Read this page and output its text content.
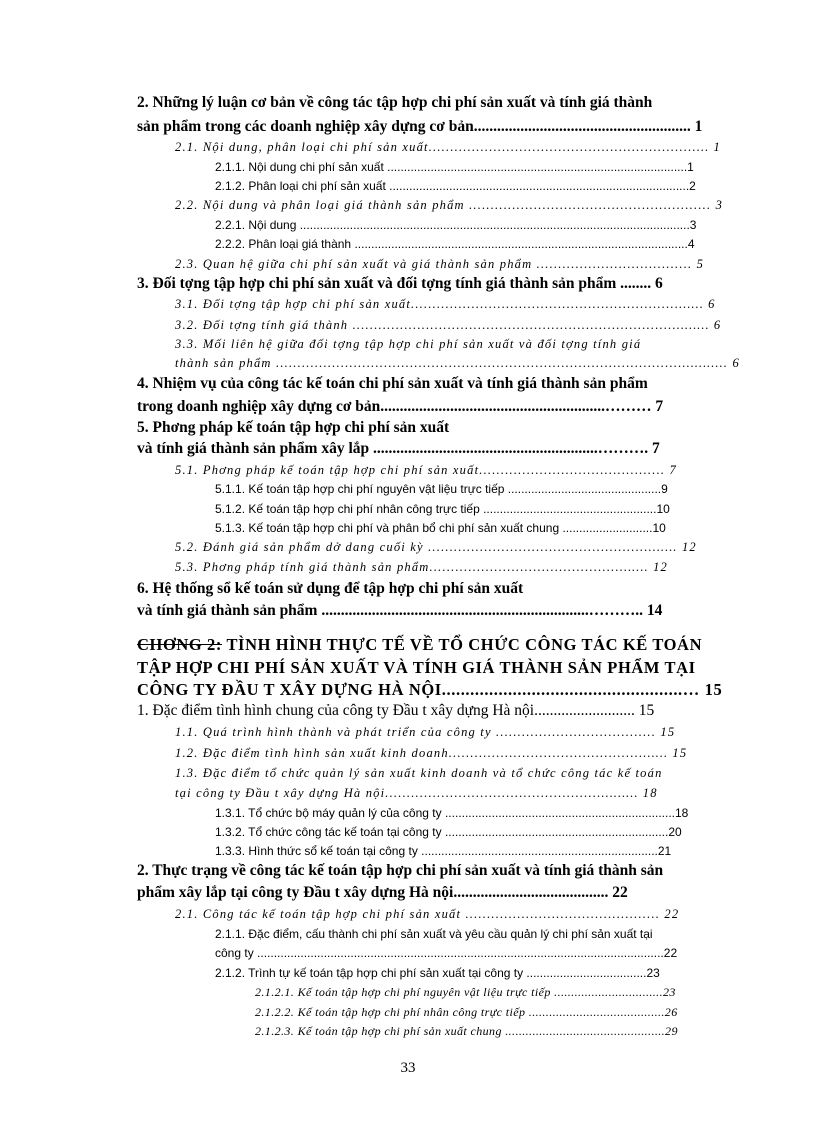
2. Những lý luận cơ bản về công tác tập hợp chi phí sản xuất và tính giá thành
sản phẩm trong các doanh nghiệp xây dựng cơ bản........................................................ 1
2.1. Nội dung, phân loại chi phí sản xuất..............................................................… 1
2.1.1. Nội dung chi phí sản xuất ..........................................................................................1
2.1.2. Phân loại chi phí sản xuất ..........................................................................................2
2.2. Nội dung và phân loại giá thành sản phẩm ........................................................ 3
2.2.1. Nội dung .....................................................................................................................3
2.2.2. Phân loại giá thành ....................................................................................................4
2.3. Quan hệ giữa chi phí sản xuất và giá thành sản phẩm .................................... 5
3. Đối tợng tập hợp chi phí sản xuất và đối tợng tính giá thành sản phẩm ........ 6
3.1. Đối tợng tập hợp chi phí sản xuất..............................................................…… 6
3.2. Đối tợng tính giá thành ..........................................................................……… 6
3.3. Mối liên hệ giữa đối tợng tập hợp chi phí sản xuất và đối tợng tính giá
thành sản phẩm ..............................................................................................……….. 6
4. Nhiệm vụ của công tác kế toán chi phí sản xuất và tính giá thành sản phẩm
trong doanh nghiệp xây dựng cơ bản..........................................................……… 7
5. Phơng pháp kế toán tập hợp chi phí sản xuất
và tính giá thành sản phẩm xây lắp ..........................................................………. 7
5.1. Phơng pháp kế toán tập hợp chi phí sản xuất........................................... 7
5.1.1. Kế toán tập hợp chi phí nguyên vật liệu trực tiếp ..............................................9
5.1.2. Kế toán tập hợp chi phí nhân công trực tiếp ....................................................10
5.1.3. Kế toán tập hợp chi phí và phân bổ chi phí sản xuất chung ...........................10
5.2. Đánh giá sản phẩm dở dang cuối kỳ ...................................................……. 12
5.3. Phơng pháp tính giá thành sản phẩm............................................……. 12
6. Hệ thống sổ kế toán sử dụng để tập hợp chi phí sản xuất
và tính giá thành sản phẩm .....................................................................……….. 14
CHƠNG 2: TÌNH HÌNH THỰC TẾ VỀ TỔ CHỨC CÔNG TÁC KẾ TOÁN
TẬP HỢP CHI PHÍ SẢN XUẤT VÀ TÍNH GIÁ THÀNH SẢN PHẨM TẠI
CÔNG TY ĐẦU T XÂY DỰNG HÀ NỘI...................................................… 15
1. Đặc điểm tình hình chung của công ty Đầu t xây dựng Hà nội.......................... 15
1.1. Quá trình hình thành và phát triển của công ty ..................................... 15
1.2. Đặc điểm tình hình sản xuất kinh doanh.............................................…… 15
1.3. Đặc điểm tổ chức quản lý sản xuất kinh doanh và tổ chức công tác kế toán
tại công ty Đầu t xây dựng Hà nội..................................................……… 18
1.3.1. Tổ chức bộ máy quản lý của công ty .....................................................................18
1.3.2. Tổ chức công tác kế toán tại công ty ...................................................................20
1.3.3. Hình thức sổ kế toán tại công ty .......................................................................21
2. Thực trạng về công tác kế toán tập hợp chi phí sản xuất và tính giá thành sản
phẩm xây lắp tại công ty Đầu t xây dựng Hà nội........................................ 22
2.1. Công tác kế toán tập hợp chi phí sản xuất ............................................. 22
2.1.1. Đặc điểm, cấu thành chi phí sản xuất và yêu cầu quản lý chi phí sản xuất tại
công ty ..........................................................................................................................22
2.1.2. Trình tự kế toán tập hợp chi phí sản xuất tại công ty ....................................23
2.1.2.1. Kế toán tập hợp chi phí nguyên vật liệu trực tiếp ................................23
2.1.2.2. Kế toán tập hợp chi phí nhân công trực tiếp ........................................26
2.1.2.3. Kế toán tập hợp chi phí sản xuất chung ...............................................29
33
